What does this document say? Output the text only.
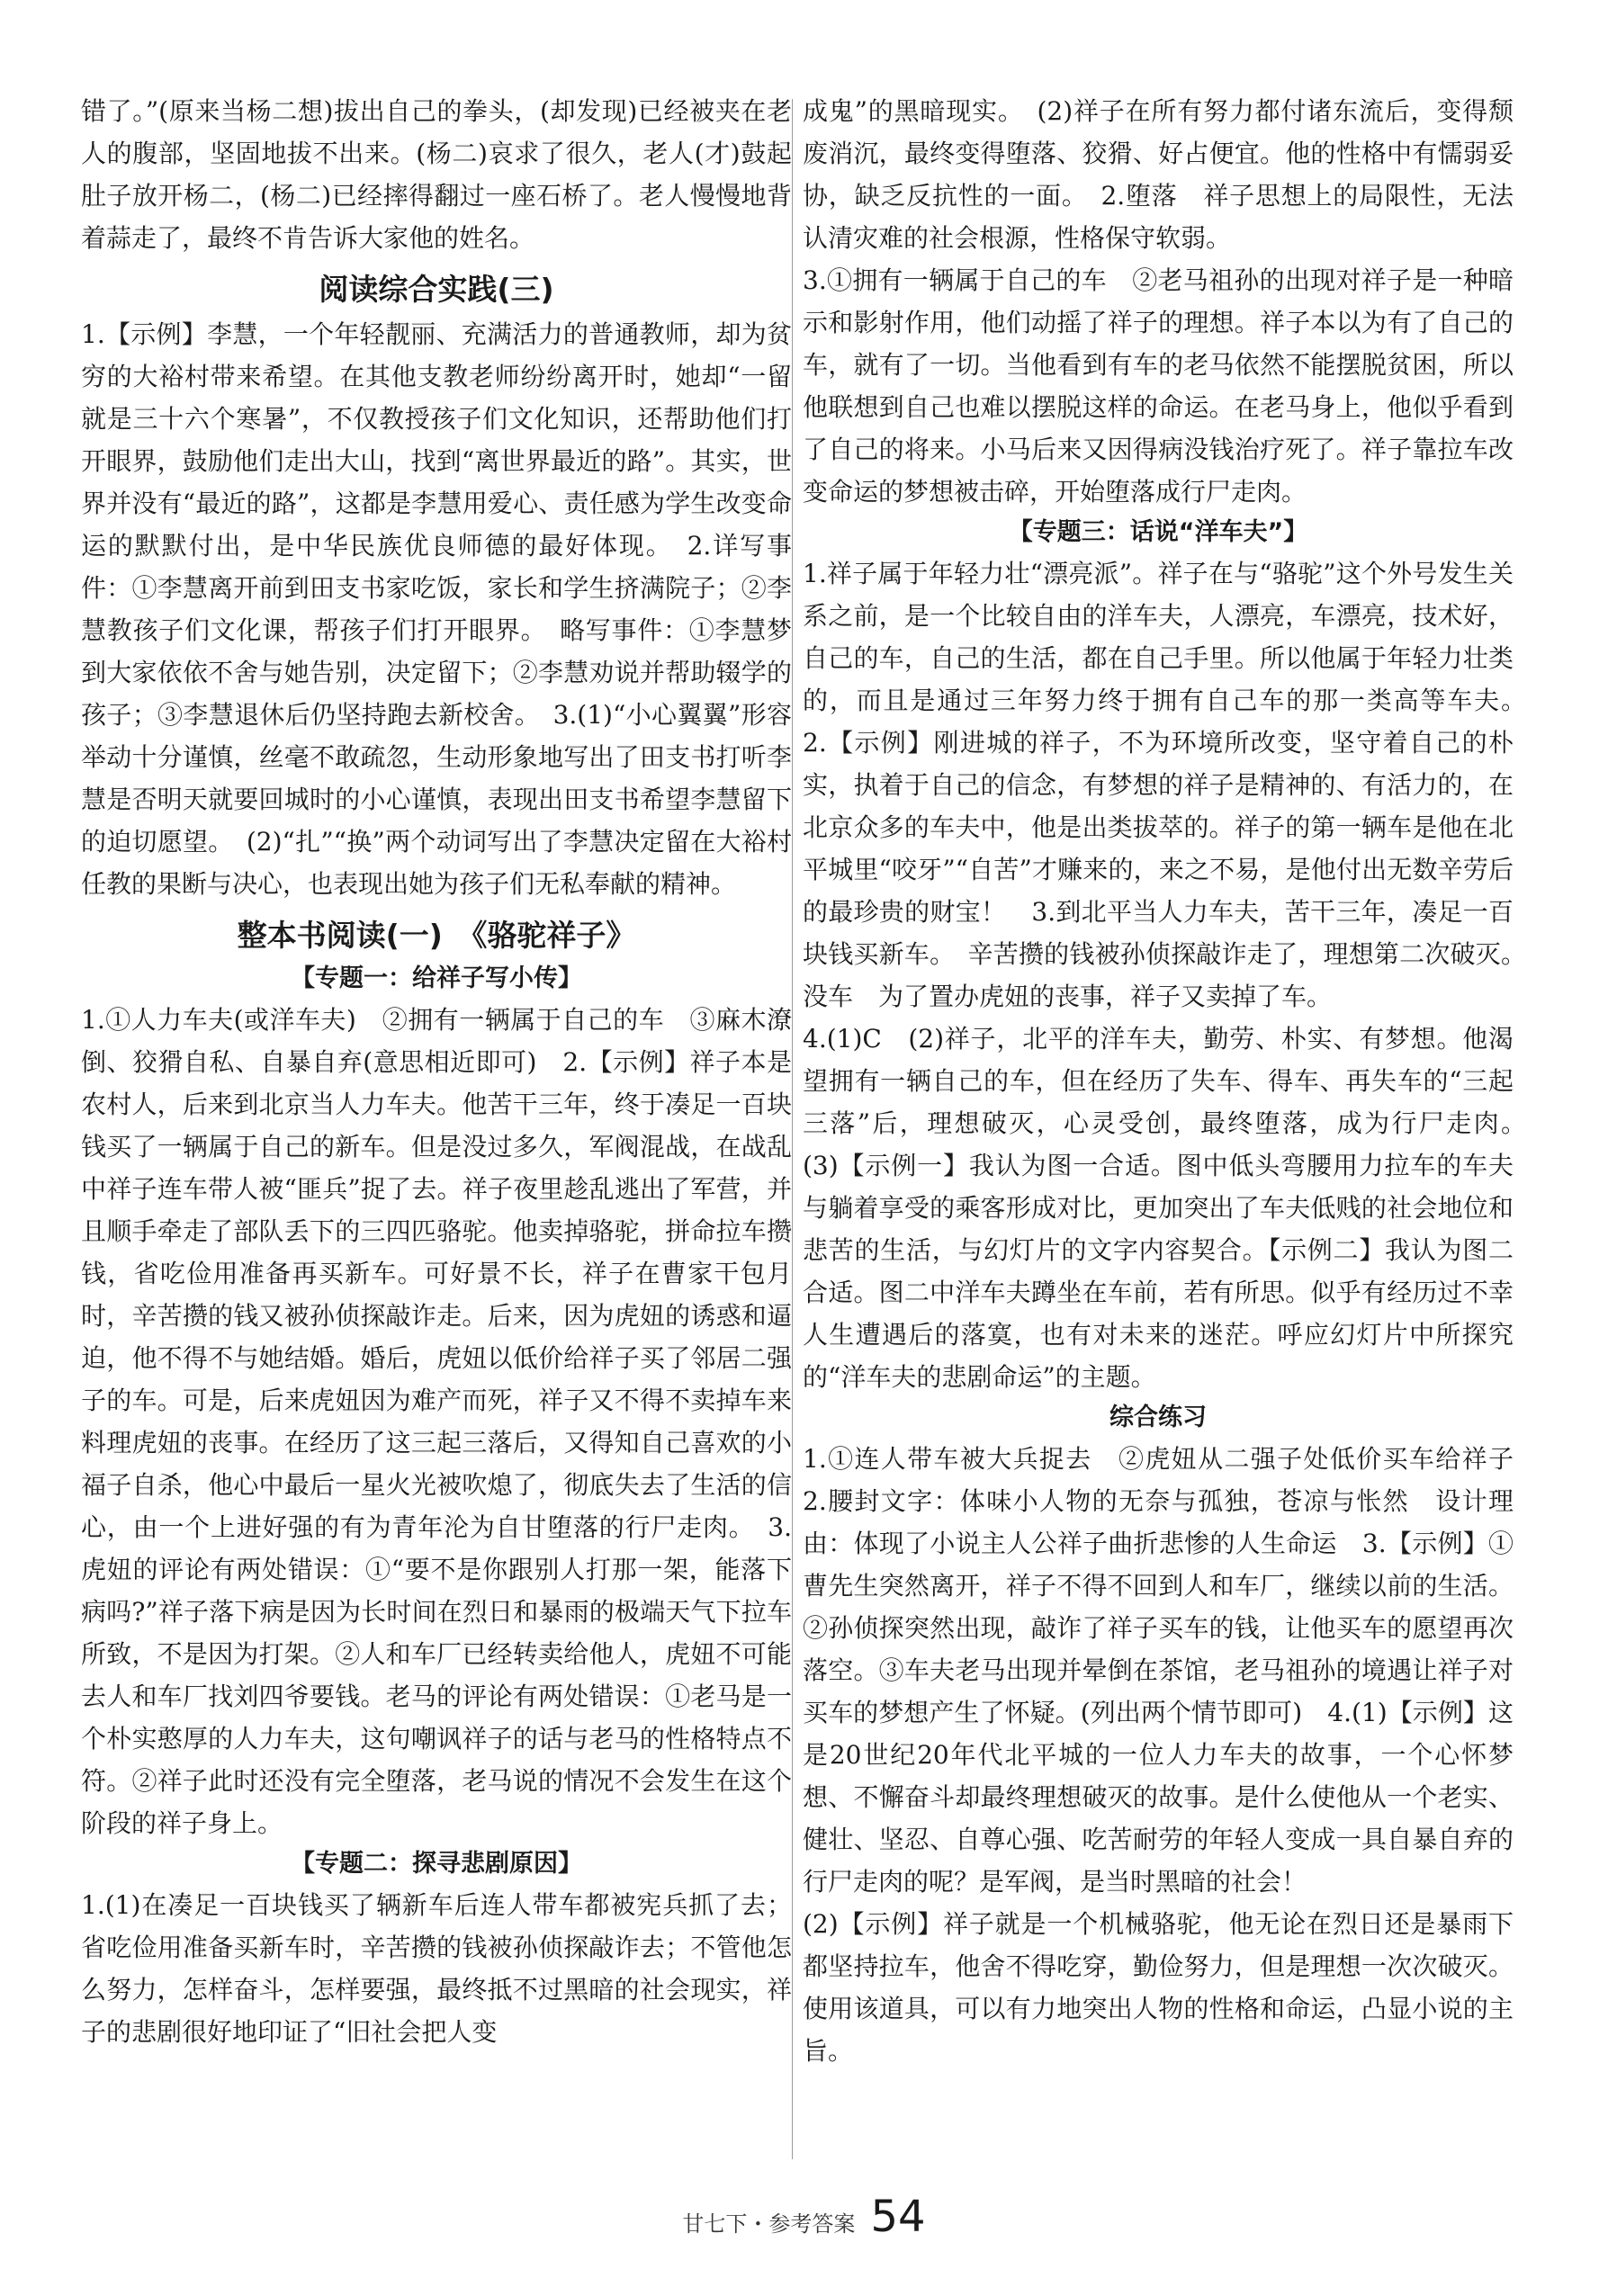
错了。”(原来当杨二想)拔出自己的拳头，(却发现)已经被夹在老人的腹部，坚固地拔不出来。(杨二)哀求了很久，老人(才)鼓起肚子放开杨二，(杨二)已经摔得翻过一座石桥了。老人慢慢地背着蒜走了，最终不肯告诉大家他的姓名。

阅读综合实践(三)

1.【示例】李慧，一个年轻靓丽、充满活力的普通教师，却为贫穷的大裕村带来希望。在其他支教老师纷纷离开时，她却“一留就是三十六个寒暑”，不仅教授孩子们文化知识，还帮助他们打开眼界，鼓励他们走出大山，找到“离世界最近的路”。其实，世界并没有“最近的路”，这都是李慧用爱心、责任感为学生改变命运的默默付出，是中华民族优良师德的最好体现。　2.详写事件：①李慧离开前到田支书家吃饭，家长和学生挤满院子；②李慧教孩子们文化课，帮孩子们打开眼界。　略写事件：①李慧梦到大家依依不舍与她告别，决定留下；②李慧劝说并帮助辍学的孩子；③李慧退休后仍坚持跑去新校舍。　3.(1)“小心翼翼”形容举动十分谨慎，丝毫不敢疏忽，生动形象地写出了田支书打听李慧是否明天就要回城时的小心谨慎，表现出田支书希望李慧留下的迫切愿望。　(2)“扎”“换”两个动词写出了李慧决定留在大裕村任教的果断与决心，也表现出她为孩子们无私奉献的精神。

整本书阅读(一)　《骆驼祥子》
【专题一：给祥子写小传】

1.①人力车夫(或洋车夫)　②拥有一辆属于自己的车　③麻木潦倒、狡猾自私、自暴自弃(意思相近即可)　2.【示例】祥子本是农村人，后来到北京当人力车夫。他苦干三年，终于凑足一百块钱买了一辆属于自己的新车。但是没过多久，军阀混战，在战乱中祥子连车带人被“匪兵”捉了去。祥子夜里趁乱逃出了军营，并且顺手牵走了部队丢下的三四匹骆驼。他卖掉骆驼，拼命拉车攒钱，省吃俭用准备再买新车。可好景不长，祥子在曹家干包月时，辛苦攒的钱又被孙侦探敲诈走。后来，因为虎妞的诱惑和逼迫，他不得不与她结婚。婚后，虎妞以低价给祥子买了邻居二强子的车。可是，后来虎妞因为难产而死，祥子又不得不卖掉车来料理虎妞的丧事。在经历了这三起三落后，又得知自己喜欢的小福子自杀，他心中最后一星火光被吹熄了，彻底失去了生活的信心，由一个上进好强的有为青年沦为自甘堕落的行尸走肉。　3.虎妞的评论有两处错误：①“要不是你跟别人打那一架，能落下病吗?”祥子落下病是因为长时间在烈日和暴雨的极端天气下拉车所致，不是因为打架。②人和车厂已经转卖给他人，虎妞不可能去人和车厂找刘四爷要钱。老马的评论有两处错误：①老马是一个朴实憨厚的人力车夫，这句嘲讽祥子的话与老马的性格特点不符。②祥子此时还没有完全堕落，老马说的情况不会发生在这个阶段的祥子身上。

【专题二：探寻悲剧原因】

1.(1)在凑足一百块钱买了辆新车后连人带车都被宪兵抓了去；省吃俭用准备买新车时，辛苦攒的钱被孙侦探敲诈去；不管他怎么努力，怎样奋斗，怎样要强，最终抵不过黑暗的社会现实，祥子的悲剧很好地印证了“旧社会把人变

成鬼”的黑暗现实。　(2)祥子在所有努力都付诸东流后，变得颓废消沉，最终变得堕落、狡猾、好占便宜。他的性格中有懦弱妥协，缺乏反抗性的一面。　2.堕落　祥子思想上的局限性，无法认清灾难的社会根源，性格保守软弱。

3.①拥有一辆属于自己的车　②老马祖孙的出现对祥子是一种暗示和影射作用，他们动摇了祥子的理想。祥子本以为有了自己的车，就有了一切。当他看到有车的老马依然不能摆脱贫困，所以他联想到自己也难以摆脱这样的命运。在老马身上，他似乎看到了自己的将来。小马后来又因得病没钱治疗死了。祥子靠拉车改变命运的梦想被击碎，开始堕落成行尸走肉。

【专题三：话说“洋车夫”】

1.祥子属于年轻力壮“漂亮派”。祥子在与“骆驼”这个外号发生关系之前，是一个比较自由的洋车夫，人漂亮，车漂亮，技术好，自己的车，自己的生活，都在自己手里。所以他属于年轻力壮类的，而且是通过三年努力终于拥有自己车的那一类高等车夫。　2.【示例】刚进城的祥子，不为环境所改变，坚守着自己的朴实，执着于自己的信念，有梦想的祥子是精神的、有活力的，在北京众多的车夫中，他是出类拔萃的。祥子的第一辆车是他在北平城里“咬牙”“自苦”才赚来的，来之不易，是他付出无数辛劳后的最珍贵的财宝！　3.到北平当人力车夫，苦干三年，凑足一百块钱买新车。　辛苦攒的钱被孙侦探敲诈走了，理想第二次破灭。　没车　为了置办虎妞的丧事，祥子又卖掉了车。

4.(1)C　(2)祥子，北平的洋车夫，勤劳、朴实、有梦想。他渴望拥有一辆自己的车，但在经历了失车、得车、再失车的“三起三落”后，理想破灭，心灵受创，最终堕落，成为行尸走肉。　(3)【示例一】我认为图一合适。图中低头弯腰用力拉车的车夫与躺着享受的乘客形成对比，更加突出了车夫低贱的社会地位和悲苦的生活，与幻灯片的文字内容契合。【示例二】我认为图二合适。图二中洋车夫蹲坐在车前，若有所思。似乎有经历过不幸人生遭遇后的落寞，也有对未来的迷茫。呼应幻灯片中所探究的“洋车夫的悲剧命运”的主题。

综合练习

1.①连人带车被大兵捉去　②虎妞从二强子处低价买车给祥子　2.腰封文字：体味小人物的无奈与孤独，苍凉与怅然　设计理由：体现了小说主人公祥子曲折悲惨的人生命运　3.【示例】①曹先生突然离开，祥子不得不回到人和车厂，继续以前的生活。②孙侦探突然出现，敲诈了祥子买车的钱，让他买车的愿望再次落空。③车夫老马出现并晕倒在茶馆，老马祖孙的境遇让祥子对买车的梦想产生了怀疑。(列出两个情节即可)　4.(1)【示例】这是20世纪20年代北平城的一位人力车夫的故事，一个心怀梦想、不懈奋斗却最终理想破灭的故事。是什么使他从一个老实、健壮、坚忍、自尊心强、吃苦耐劳的年轻人变成一具自暴自弃的行尸走肉的呢？是军阀，是当时黑暗的社会！

(2)【示例】祥子就是一个机械骆驼，他无论在烈日还是暴雨下都坚持拉车，他舍不得吃穿，勤俭努力，但是理想一次次破灭。使用该道具，可以有力地突出人物的性格和命运，凸显小说的主旨。

甘七下・参考答案 54
